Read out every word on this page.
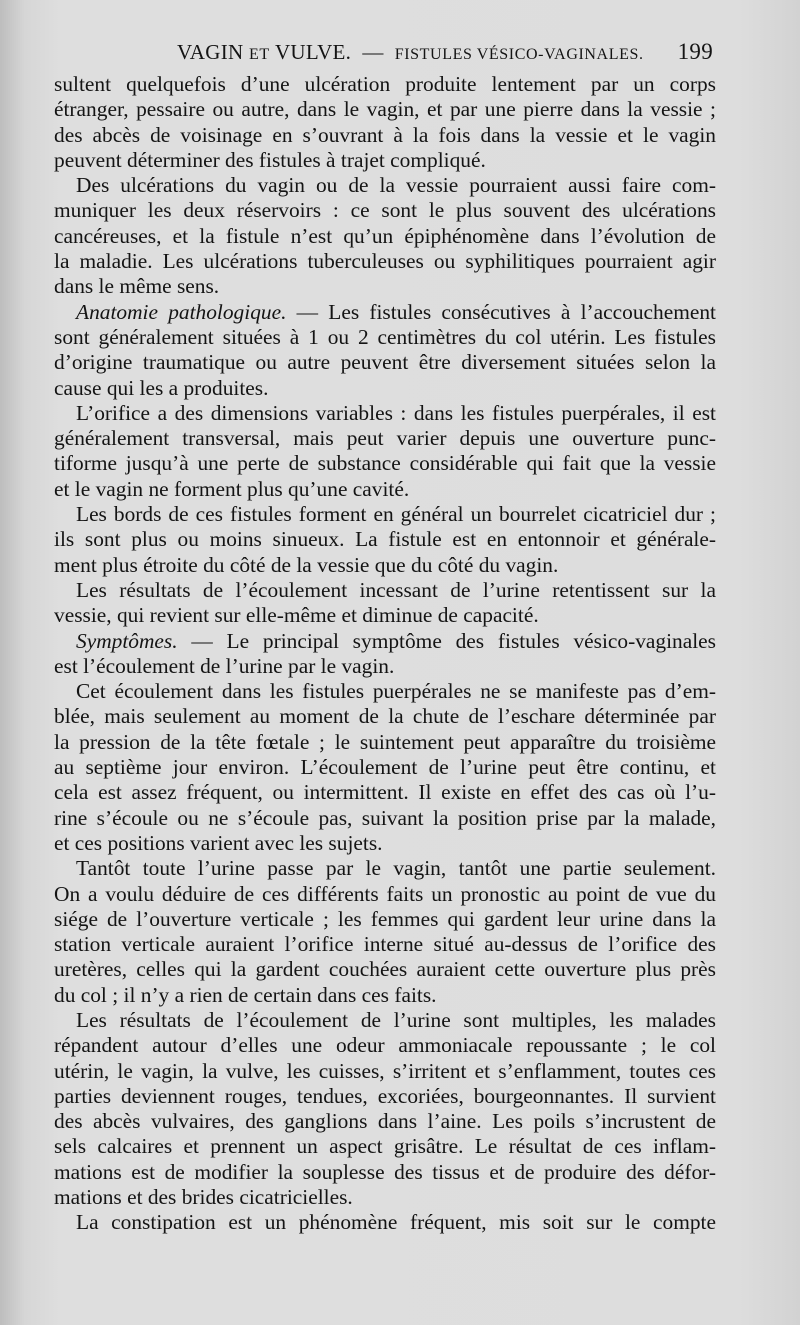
VAGIN ET VULVE. — FISTULES VÉSICO-VAGINALES. 199
sultent quelquefois d’une ulcération produite lentement par un corps
étranger, pessaire ou autre, dans le vagin, et par une pierre dans la vessie ;
des abcès de voisinage en s’ouvrant à la fois dans la vessie et le vagin
peuvent déterminer des fistules à trajet compliqué.
Des ulcérations du vagin ou de la vessie pourraient aussi faire com-
muniquer les deux réservoirs : ce sont le plus souvent des ulcérations
cancéreuses, et la fistule n’est qu’un épiphénomène dans l’évolution de
la maladie. Les ulcérations tuberculeuses ou syphilitiques pourraient agir
dans le même sens.
Anatomie pathologique. — Les fistules consécutives à l’accouchement
sont généralement situées à 1 ou 2 centimètres du col utérin. Les fistules
d’origine traumatique ou autre peuvent être diversement situées selon la
cause qui les a produites.
L’orifice a des dimensions variables : dans les fistules puerpérales, il est
généralement transversal, mais peut varier depuis une ouverture punc-
tiforme jusqu’à une perte de substance considérable qui fait que la vessie
et le vagin ne forment plus qu’une cavité.
Les bords de ces fistules forment en général un bourrelet cicatriciel dur ;
ils sont plus ou moins sinueux. La fistule est en entonnoir et générale-
ment plus étroite du côté de la vessie que du côté du vagin.
Les résultats de l’écoulement incessant de l’urine retentissent sur la
vessie, qui revient sur elle-même et diminue de capacité.
Symptômes. — Le principal symptôme des fistules vésico-vaginales
est l’écoulement de l’urine par le vagin.
Cet écoulement dans les fistules puerpérales ne se manifeste pas d’em-
blée, mais seulement au moment de la chute de l’eschare déterminée par
la pression de la tête fœtale ; le suintement peut apparaître du troisième
au septième jour environ. L’écoulement de l’urine peut être continu, et
cela est assez fréquent, ou intermittent. Il existe en effet des cas où l’u-
rine s’écoule ou ne s’écoule pas, suivant la position prise par la malade,
et ces positions varient avec les sujets.
Tantôt toute l’urine passe par le vagin, tantôt une partie seulement.
On a voulu déduire de ces différents faits un pronostic au point de vue du
siége de l’ouverture verticale ; les femmes qui gardent leur urine dans la
station verticale auraient l’orifice interne situé au-dessus de l’orifice des
uretères, celles qui la gardent couchées auraient cette ouverture plus près
du col ; il n’y a rien de certain dans ces faits.
Les résultats de l’écoulement de l’urine sont multiples, les malades
répandent autour d’elles une odeur ammoniacale repoussante ; le col
utérin, le vagin, la vulve, les cuisses, s’irritent et s’enflamment, toutes ces
parties deviennent rouges, tendues, excoriées, bourgeonnantes. Il survient
des abcès vulvaires, des ganglions dans l’aine. Les poils s’incrustent de
sels calcaires et prennent un aspect grisâtre. Le résultat de ces inflam-
mations est de modifier la souplesse des tissus et de produire des défor-
mations et des brides cicatricielles.
La constipation est un phénomène fréquent, mis soit sur le compte
